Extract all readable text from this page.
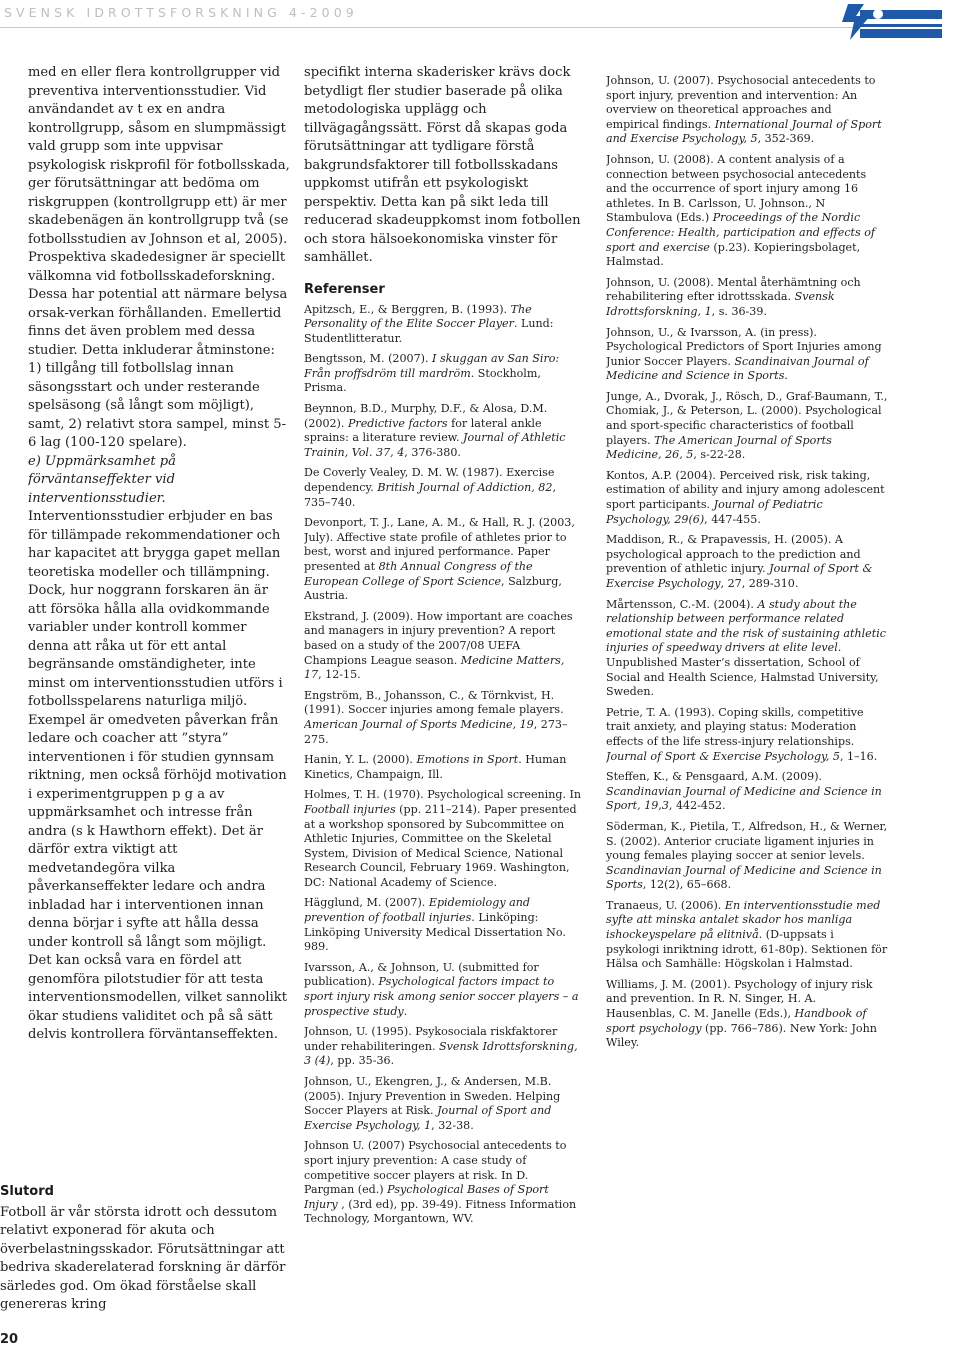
SVENSK IDROTTSFORSKNING 4-2009

med en eller flera kontrollgrupper vid preventiva interventionsstudier. Vid användandet av t ex en andra kontrollgrupp, såsom en slumpmässigt vald grupp som inte uppvisar psykologisk riskprofil för fotbollsskada, ger förutsättningar att bedöma om riskgruppen (kontrollgrupp ett) är mer skadebenägen än kontrollgrupp två (se fotbollsstudien av Johnson et al, 2005). Prospektiva skadedesigner är speciellt välkomna vid fotbollsskadeforskning. Dessa har potential att närmare belysa orsak-verkan förhållanden. Emellertid finns det även problem med dessa studier. Detta inkluderar åtminstone: 1) tillgång till fotbollslag innan säsongsstart och under resterande spelsäsong (så långt som möjligt), samt, 2) relativt stora sampel, minst 5-6 lag (100-120 spelare).

e) Uppmärksamhet på förväntanseffekter vid interventionsstudier.

Interventionsstudier erbjuder en bas för tillämpade rekommendationer och har kapacitet att brygga gapet mellan teoretiska modeller och tillämpning. Dock, hur noggrann forskaren än är att försöka hålla alla ovidkommande variabler under kontroll kommer denna att råka ut för ett antal begränsande omständigheter, inte minst om interventionsstudien utförs i fotbollsspelarens naturliga miljö. Exempel är omedveten påverkan från ledare och coacher att ”styra” interventionen i för studien gynnsam riktning, men också förhöjd motivation i experimentgruppen p g a av uppmärksamhet och intresse från andra (s k Hawthorn effekt). Det är därför extra viktigt att medvetandegöra vilka påverkanseffekter ledare och andra inbladad har i interventionen innan denna börjar i syfte att hålla dessa under kontroll så långt som möjligt. Det kan också vara en fördel att genomföra pilotstudier för att testa interventionsmodellen, vilket sannolikt ökar studiens validitet och på så sätt delvis kontrollera förväntanseffekten.

Slutord

Fotboll är vår största idrott och dessutom relativt exponerad för akuta och överbelastningsskador. Förutsättningar att bedriva skaderelaterad forskning är därför särledes god. Om ökad förståelse skall genereras kring

specifikt interna skaderisker krävs dock betydligt fler studier baserade på olika metodologiska upplägg och tillvägagångssätt. Först då skapas goda förutsättningar att tydligare förstå bakgrundsfaktorer till fotbollsskadans uppkomst utifrån ett psykologiskt perspektiv. Detta kan på sikt leda till reducerad skadeuppkomst inom fotbollen och stora hälsoekonomiska vinster för samhället.

Referenser

Apitzsch, E., & Berggren, B. (1993). The Personality of the Elite Soccer Player. Lund: Studentlitteratur.

Bengtsson, M. (2007). I skuggan av San Siro: Från proffsdröm till mardröm. Stockholm, Prisma.

Beynnon, B.D., Murphy, D.F., & Alosa, D.M. (2002). Predictive factors for lateral ankle sprains: a literature review. Journal of Athletic Trainin, Vol. 37, 4, 376-380.

De Coverly Vealey, D. M. W. (1987). Exercise dependency. British Journal of Addiction, 82, 735–740.

Devonport, T. J., Lane, A. M., & Hall, R. J. (2003, July). Affective state profile of athletes prior to best, worst and injured performance. Paper presented at 8th Annual Congress of the European College of Sport Science, Salzburg, Austria.

Ekstrand, J. (2009). How important are coaches and managers in injury prevention? A report based on a study of the 2007/08 UEFA Champions League season. Medicine Matters, 17, 12-15.

Engström, B., Johansson, C., & Törnkvist, H. (1991). Soccer injuries among female players. American Journal of Sports Medicine, 19, 273–275.

Hanin, Y. L. (2000). Emotions in Sport. Human Kinetics, Champaign, Ill.

Holmes, T. H. (1970). Psychological screening. In Football injuries (pp. 211–214). Paper presented at a workshop sponsored by Subcommittee on Athletic Injuries, Committee on the Skeletal System, Division of Medical Science, National Research Council, February 1969. Washington, DC: National Academy of Science.

Hägglund, M. (2007). Epidemiology and prevention of football injuries. Linköping: Linköping University Medical Dissertation No. 989.

Ivarsson, A., & Johnson, U. (submitted for publication). Psychological factors impact to sport injury risk among senior soccer players – a prospective study.

Johnson, U. (1995). Psykosociala riskfaktorer under rehabiliteringen. Svensk Idrottsforskning, 3 (4), pp. 35-36.

Johnson, U., Ekengren, J., & Andersen, M.B. (2005). Injury Prevention in Sweden. Helping Soccer Players at Risk. Journal of Sport and Exercise Psychology, 1, 32-38.

Johnson U. (2007) Psychosocial antecedents to sport injury prevention: A case study of competitive soccer players at risk. In D. Pargman (ed.) Psychological Bases of Sport Injury , (3rd ed), pp. 39-49). Fitness Information Technology, Morgantown, WV.

Johnson, U. (2007). Psychosocial antecedents to sport injury, prevention and intervention: An overview on theoretical approaches and empirical findings. International Journal of Sport and Exercise Psychology, 5, 352-369.

Johnson, U. (2008). A content analysis of a connection between psychosocial antecedents and the occurrence of sport injury among 16 athletes. In B. Carlsson, U. Johnson., N Stambulova (Eds.) Proceedings of the Nordic Conference: Health, participation and effects of sport and exercise (p.23). Kopieringsbolaget, Halmstad.

Johnson, U. (2008). Mental återhämtning och rehabilitering efter idrottsskada. Svensk Idrottsforskning, 1, s. 36-39.

Johnson, U., & Ivarsson, A. (in press). Psychological Predictors of Sport Injuries among Junior Soccer Players. Scandinaivan Journal of Medicine and Science in Sports.

Junge, A., Dvorak, J., Rösch, D., Graf-Baumann, T., Chomiak, J., & Peterson, L. (2000). Psychological and sport-specific characteristics of football players. The American Journal of Sports Medicine, 26, 5, s-22-28.

Kontos, A.P. (2004). Perceived risk, risk taking, estimation of ability and injury among adolescent sport participants. Journal of Pediatric Psychology, 29(6), 447-455.

Maddison, R., & Prapavessis, H. (2005). A psychological approach to the prediction and prevention of athletic injury. Journal of Sport & Exercise Psychology, 27, 289-310.

Mårtensson, C.-M. (2004). A study about the relationship between performance related emotional state and the risk of sustaining athletic injuries of speedway drivers at elite level. Unpublished Master’s dissertation, School of Social and Health Science, Halmstad University, Sweden.

Petrie, T. A. (1993). Coping skills, competitive trait anxiety, and playing status: Moderation effects of the life stress-injury relationships. Journal of Sport & Exercise Psychology, 5, 1–16.

Steffen, K., & Pensgaard, A.M. (2009). Scandinavian Journal of Medicine and Science in Sport, 19,3, 442-452.

Söderman, K., Pietila, T., Alfredson, H., & Werner, S. (2002). Anterior cruciate ligament injuries in young females playing soccer at senior levels. Scandinavian Journal of Medicine and Science in Sports, 12(2), 65–668.

Tranaeus, U. (2006). En interventionsstudie med syfte att minska antalet skador hos manliga ishockeyspelare på elitnivå. (D-uppsats i psykologi inriktning idrott, 61-80p). Sektionen för Hälsa och Samhälle: Högskolan i Halmstad.

Williams, J. M. (2001). Psychology of injury risk and prevention. In R. N. Singer, H. A. Hausenblas, C. M. Janelle (Eds.), Handbook of sport psychology (pp. 766–786). New York: John Wiley.

20
